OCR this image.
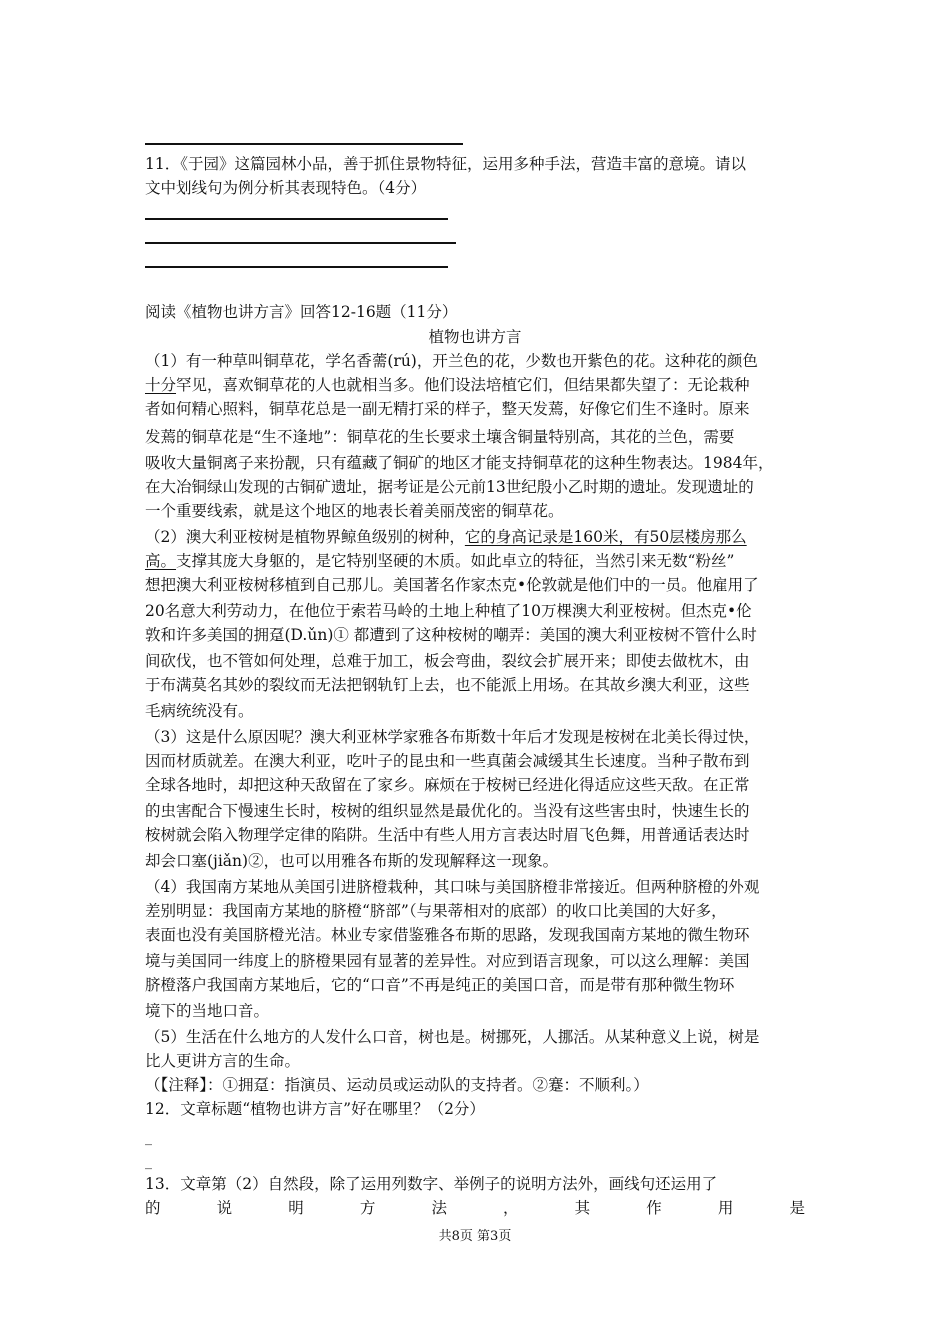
11．《于园》这篇园林小品，善于抓住景物特征，运用多种手法，营造丰富的意境。请以
文中划线句为例分析其表现特色。（4分）
阅读《植物也讲方言》回答12-16题（11分）
植物也讲方言
（1）有一种草叫铜草花，学名香薷(rú)，开兰色的花，少数也开紫色的花。这种花的颜色
十分罕见，喜欢铜草花的人也就相当多。他们设法培植它们，但结果都失望了：无论栽种
者如何精心照料，铜草花总是一副无精打采的样子，整天发蔫，好像它们生不逢时。原来
发蔫的铜草花是“生不逢地”：铜草花的生长要求土壤含铜量特别高，其花的兰色，需要
吸收大量铜离子来扮靓，只有蕴藏了铜矿的地区才能支持铜草花的这种生物表达。1984年，
在大冶铜绿山发现的古铜矿遗址，据考证是公元前13世纪殷小乙时期的遗址。发现遗址的
一个重要线索，就是这个地区的地表长着美丽茂密的铜草花。
（2）澳大利亚桉树是植物界鲸鱼级别的树种，它的身高记录是160米，有50层楼房那么
高。支撑其庞大身躯的，是它特别坚硬的木质。如此卓立的特征，当然引来无数“粉丝”
想把澳大利亚桉树移植到自己那儿。美国著名作家杰克•伦敦就是他们中的一员。他雇用了
20名意大利劳动力，在他位于索若马岭的土地上种植了10万棵澳大利亚桉树。但杰克•伦
敦和许多美国的拥趸(D.ǔn)① 都遭到了这种桉树的嘲弄：美国的澳大利亚桉树不管什么时
间砍伐，也不管如何处理，总难于加工，板会弯曲，裂纹会扩展开来；即使去做枕木，由
于布满莫名其妙的裂纹而无法把钢轨钉上去，也不能派上用场。在其故乡澳大利亚，这些
毛病统统没有。
（3）这是什么原因呢？澳大利亚林学家雅各布斯数十年后才发现是桉树在北美长得过快，
因而材质就差。在澳大利亚，吃叶子的昆虫和一些真菌会减缓其生长速度。当种子散布到
全球各地时，却把这种天敌留在了家乡。麻烦在于桉树已经进化得适应这些天敌。在正常
的虫害配合下慢速生长时，桉树的组织显然是最优化的。当没有这些害虫时，快速生长的
桉树就会陷入物理学定律的陷阱。生活中有些人用方言表达时眉飞色舞，用普通话表达时
却会口塞(jiǎn)②，也可以用雅各布斯的发现解释这一现象。
（4）我国南方某地从美国引进脐橙栽种，其口味与美国脐橙非常接近。但两种脐橙的外观
差别明显：我国南方某地的脐橙“脐部”（与果蒂相对的底部）的收口比美国的大好多，
表面也没有美国脐橙光洁。林业专家借鉴雅各布斯的思路，发现我国南方某地的微生物环
境与美国同一纬度上的脐橙果园有显著的差异性。对应到语言现象，可以这么理解：美国
脐橙落户我国南方某地后，它的“口音”不再是纯正的美国口音，而是带有那种微生物环
境下的当地口音。
（5）生活在什么地方的人发什么口音，树也是。树挪死，人挪活。从某种意义上说，树是
比人更讲方言的生命。
（【注释】：①拥趸：指演员、运动员或运动队的支持者。②蹇：不顺利。）
12．文章标题“植物也讲方言”好在哪里？（2分）
_
_
13．文章第（2）自然段，除了运用列数字、举例子的说明方法外，画线句还运用了
的	说	明	方	法	，	其	作	用	是
共8页 第3页
